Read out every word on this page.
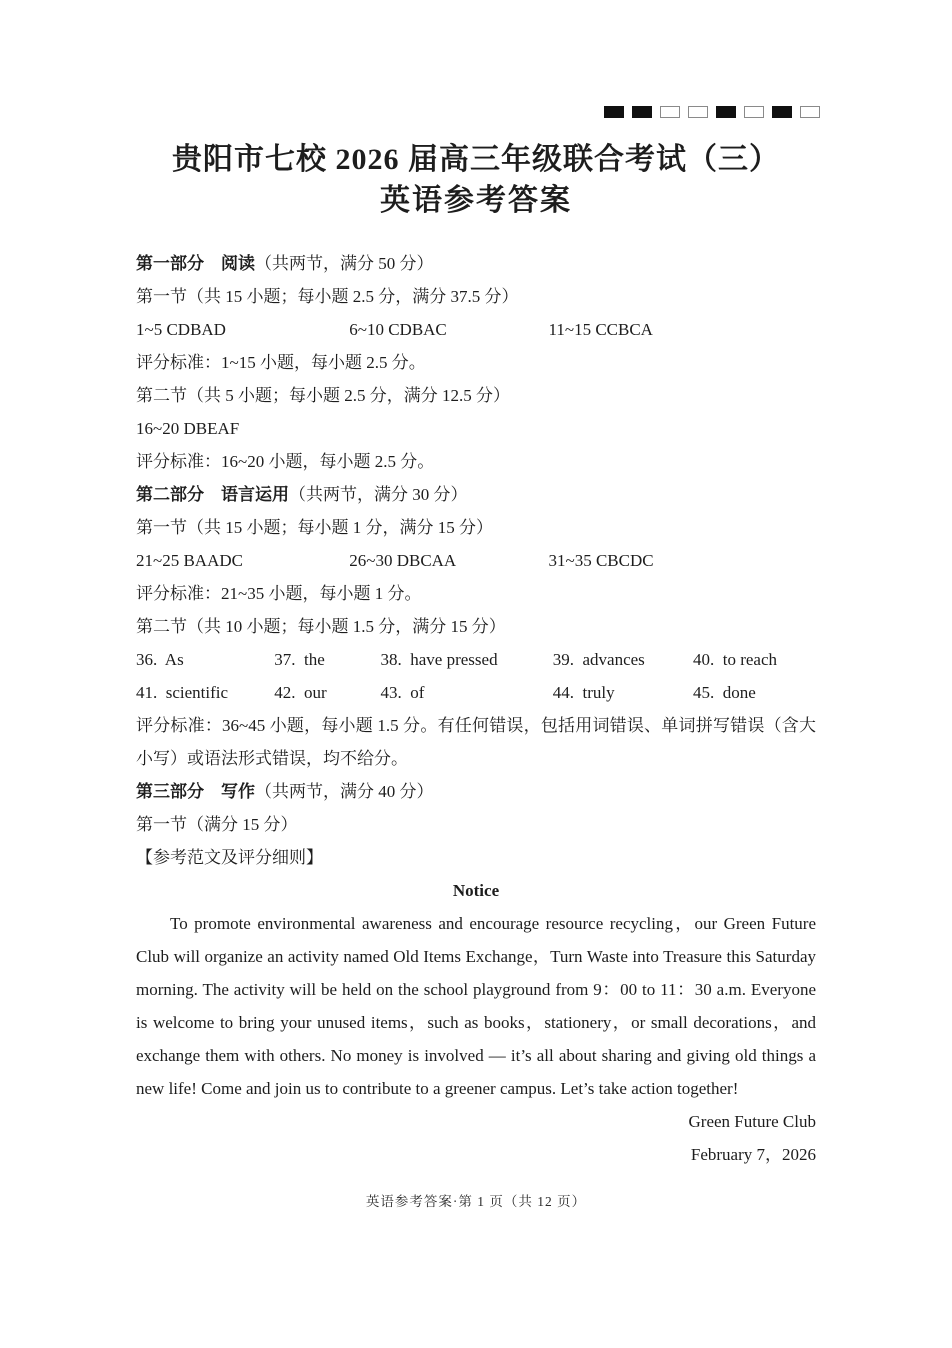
贵阳市七校 2026 届高三年级联合考试（三）
英语参考答案

第一部分　阅读（共两节，满分 50 分）

第一节（共 15 小题；每小题 2.5 分，满分 37.5 分）

1~5 CDBAD	6~10 CDBAC	11~15 CCBCA

评分标准：1~15 小题，每小题 2.5 分。

第二节（共 5 小题；每小题 2.5 分，满分 12.5 分）

16~20 DBEAF

评分标准：16~20 小题，每小题 2.5 分。

第二部分　语言运用（共两节，满分 30 分）

第一节（共 15 小题；每小题 1 分，满分 15 分）

21~25 BAADC	26~30 DBCAA	31~35 CBCDC

评分标准：21~35 小题，每小题 1 分。

第二节（共 10 小题；每小题 1.5 分，满分 15 分）

36.  As	37.  the	38.  have pressed	39.  advances	40.  to reach

41.  scientific	42.  our	43.  of	44.  truly	45.  done

评分标准：36~45 小题，每小题 1.5 分。有任何错误，包括用词错误、单词拼写错误（含大小写）或语法形式错误，均不给分。

第三部分　写作（共两节，满分 40 分）

第一节（满分 15 分）

【参考范文及评分细则】

Notice

To promote environmental awareness and encourage resource recycling，our Green Future Club will organize an activity named Old Items Exchange，Turn Waste into Treasure this Saturday morning. The activity will be held on the school playground from 9：00 to 11：30 a.m. Everyone is welcome to bring your unused items，such as books，stationery，or small decorations，and exchange them with others. No money is involved — it’s all about sharing and giving old things a new life! Come and join us to contribute to a greener campus. Let’s take action together!

Green Future Club

February 7，2026

英语参考答案·第 1 页（共 12 页）
